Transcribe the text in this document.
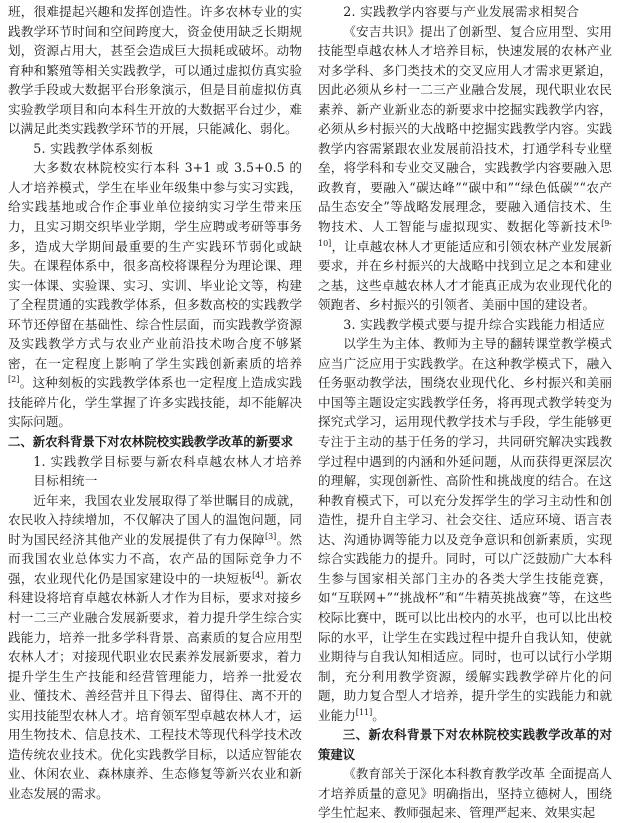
班，很难提起兴趣和发挥创造性。许多农林专业的实践教学环节时间和空间跨度大，资金使用缺乏长期规划，资源占用大，甚至会造成巨大损耗或破坏。动物育种和繁殖等相关实践教学，可以通过虚拟仿真实验教学手段或大数据平台形象演示，但是目前虚拟仿真实验教学项目和向本科生开放的大数据平台过少，难以满足此类实践教学环节的开展，只能减化、弱化。

5. 实践教学体系刻板

大多数农林院校实行本科 3+1 或 3.5+0.5 的人才培养模式，学生在毕业年级集中参与实习实践，给实践基地或合作企事业单位接纳实习学生带来压力，且实习期交织毕业学期，学生应聘或考研等事务多，造成大学期间最重要的生产实践环节弱化或缺失。在课程体系中，很多高校将课程分为理论课、理实一体课、实验课、实习、实训、毕业论文等，构建了全程贯通的实践教学体系，但多数高校的实践教学环节还停留在基础性、综合性层面，而实践教学资源及实践教学方式与农业产业前沿技术吻合度不够紧密，在一定程度上影响了学生实践创新素质的培养[2]。这种刻板的实践教学体系也一定程度上造成实践技能碎片化，学生掌握了许多实践技能，却不能解决实际问题。

二、新农科背景下对农林院校实践教学改革的新要求

1. 实践教学目标要与新农科卓越农林人才培养目标相统一

近年来，我国农业发展取得了举世瞩目的成就，农民收入持续增加，不仅解决了国人的温饱问题，同时为国民经济其他产业的发展提供了有力保障[3]。然而我国农业总体实力不高，农产品的国际竞争力不强，农业现代化仍是国家建设中的一块短板[4]。新农科建设将培育卓越农林新人才作为目标，要求对接乡村一二三产业融合发展新要求，着力提升学生综合实践能力，培养一批多学科背景、高素质的复合应用型农林人才；对接现代职业农民素养发展新要求，着力提升学生生产技能和经营管理能力，培养一批爱农业、懂技术、善经营并且下得去、留得住、离不开的实用技能型农林人才。培育领军型卓越农林人才，运用生物技术、信息技术、工程技术等现代科学技术改造传统农业技术。优化实践教学目标，以适应智能农业、休闲农业、森林康养、生态修复等新兴农业和新业态发展的需求。

2. 实践教学内容要与产业发展需求相契合

《安吉共识》提出了创新型、复合应用型、实用技能型卓越农林人才培养目标，快速发展的农林产业对多学科、多门类技术的交叉应用人才需求更紧迫，因此必须从乡村一二三产业融合发展，现代职业农民素养、新产业新业态的新要求中挖掘实践教学内容，必须从乡村振兴的大战略中挖掘实践教学内容。实践教学内容需紧跟农业发展前沿技术，打通学科专业壁垒，将学科和专业交叉融合，实践教学内容要融入思政教育，要融入“碳达峰”“碳中和”“绿色低碳”“农产品生态安全”等战略发展理念，要融入通信技术、生物技术、人工智能与虚拟现实、数据化等新技术[9-10]，让卓越农林人才更能适应和引领农林产业发展新要求，并在乡村振兴的大战略中找到立足之本和建业之基，这些卓越农林人才才能真正成为农业现代化的领跑者、乡村振兴的引领者、美丽中国的建设者。

3. 实践教学模式要与提升综合实践能力相适应

以学生为主体、教师为主导的翻转课堂教学模式应当广泛应用于实践教学。在这种教学模式下，融入任务驱动教学法，围绕农业现代化、乡村振兴和美丽中国等主题设定实践教学任务，将再现式教学转变为探究式学习，运用现代教学技术与手段，学生能够更专注于主动的基于任务的学习，共同研究解决实践教学过程中遇到的内涵和外延问题，从而获得更深层次的理解，实现创新性、高阶性和挑战度的结合。在这种教育模式下，可以充分发挥学生的学习主动性和创造性，提升自主学习、社会交往、适应环境、语言表达、沟通协调等能力以及竞争意识和创新素质，实现综合实践能力的提升。同时，可以广泛鼓励广大本科生参与国家相关部门主办的各类大学生技能竞赛，如“互联网+”“挑战杯”和“牛精英挑战赛”等，在这些校际比赛中，既可以比出校内的水平，也可以比出校际的水平，让学生在实践过程中提升自我认知，使就业期待与自我认知相适应。同时，也可以试行小学期制，充分利用教学资源，缓解实践教学碎片化的问题，助力复合型人才培养，提升学生的实践能力和就业能力[11]。

三、新农科背景下对农林院校实践教学改革的对策建议

《教育部关于深化本科教育教学改革 全面提高人才培养质量的意见》明确指出，坚持立德树人，围绕学生忙起来、教师强起来、管理严起来、效果实起
